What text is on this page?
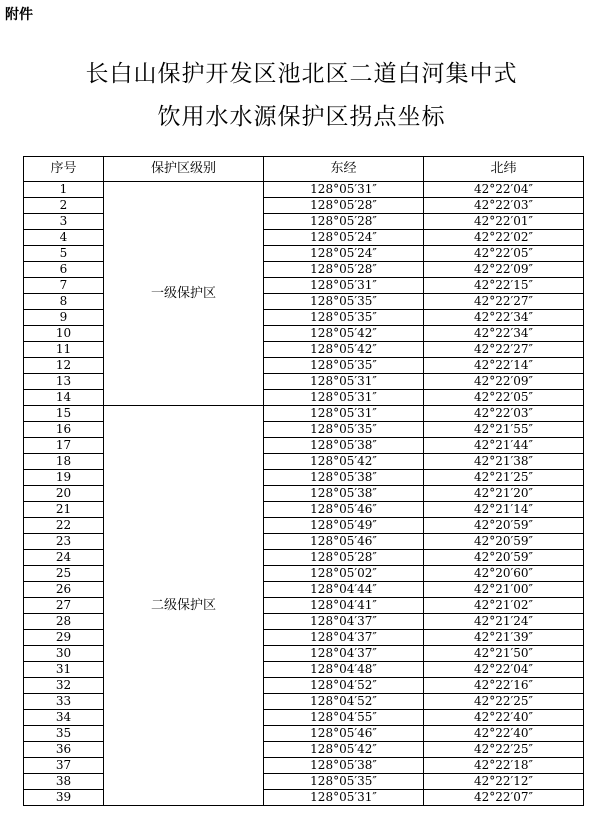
附件
长白山保护开发区池北区二道白河集中式
饮用水水源保护区拐点坐标
序号	保护区级别	东经	北纬
1	一级保护区	128°05′31″	42°22′04″
2		128°05′28″	42°22′03″
3		128°05′28″	42°22′01″
4		128°05′24″	42°22′02″
5		128°05′24″	42°22′05″
6		128°05′28″	42°22′09″
7		128°05′31″	42°22′15″
8		128°05′35″	42°22′27″
9		128°05′35″	42°22′34″
10		128°05′42″	42°22′34″
11		128°05′42″	42°22′27″
12		128°05′35″	42°22′14″
13		128°05′31″	42°22′09″
14		128°05′31″	42°22′05″
15	二级保护区	128°05′31″	42°22′03″
16		128°05′35″	42°21′55″
17		128°05′38″	42°21′44″
18		128°05′42″	42°21′38″
19		128°05′38″	42°21′25″
20		128°05′38″	42°21′20″
21		128°05′46″	42°21′14″
22		128°05′49″	42°20′59″
23		128°05′46″	42°20′59″
24		128°05′28″	42°20′59″
25		128°05′02″	42°20′60″
26		128°04′44″	42°21′00″
27		128°04′41″	42°21′02″
28		128°04′37″	42°21′24″
29		128°04′37″	42°21′39″
30		128°04′37″	42°21′50″
31		128°04′48″	42°22′04″
32		128°04′52″	42°22′16″
33		128°04′52″	42°22′25″
34		128°04′55″	42°22′40″
35		128°05′46″	42°22′40″
36		128°05′42″	42°22′25″
37		128°05′38″	42°22′18″
38		128°05′35″	42°22′12″
39		128°05′31″	42°22′07″
